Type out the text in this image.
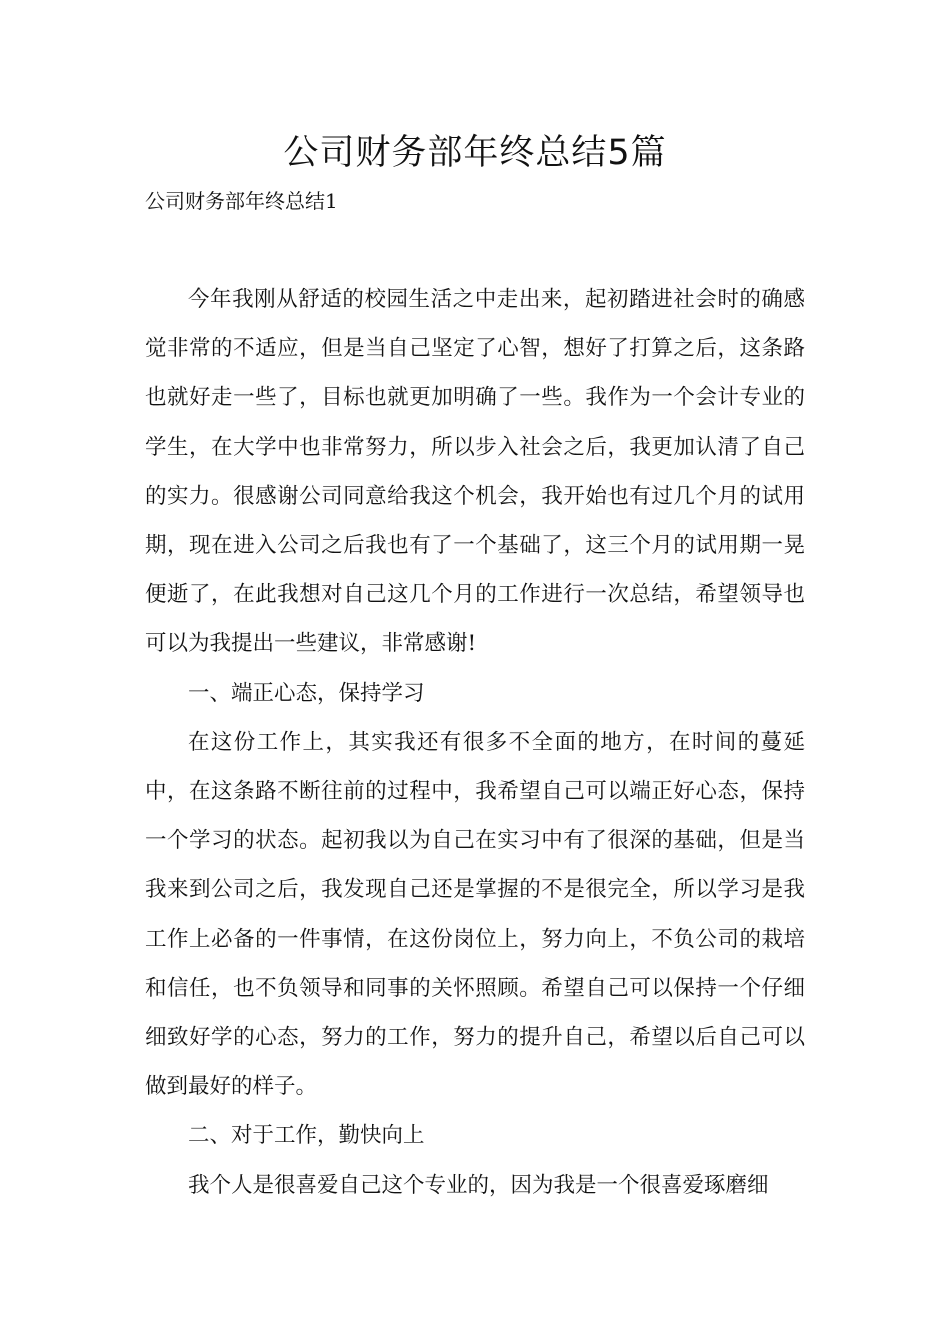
公司财务部年终总结5篇

公司财务部年终总结1

今年我刚从舒适的校园生活之中走出来，起初踏进社会时的确感觉非常的不适应，但是当自己坚定了心智，想好了打算之后，这条路也就好走一些了，目标也就更加明确了一些。我作为一个会计专业的学生，在大学中也非常努力，所以步入社会之后，我更加认清了自己的实力。很感谢公司同意给我这个机会，我开始也有过几个月的试用期，现在进入公司之后我也有了一个基础了，这三个月的试用期一晃便逝了，在此我想对自己这几个月的工作进行一次总结，希望领导也可以为我提出一些建议，非常感谢!

一、端正心态，保持学习

在这份工作上，其实我还有很多不全面的地方，在时间的蔓延中，在这条路不断往前的过程中，我希望自己可以端正好心态，保持一个学习的状态。起初我以为自己在实习中有了很深的基础，但是当我来到公司之后，我发现自己还是掌握的不是很完全，所以学习是我工作上必备的一件事情，在这份岗位上，努力向上，不负公司的栽培和信任，也不负领导和同事的关怀照顾。希望自己可以保持一个仔细细致好学的心态，努力的工作，努力的提升自己，希望以后自己可以做到最好的样子。

二、对于工作，勤快向上

我个人是很喜爱自己这个专业的，因为我是一个很喜爱琢磨细
